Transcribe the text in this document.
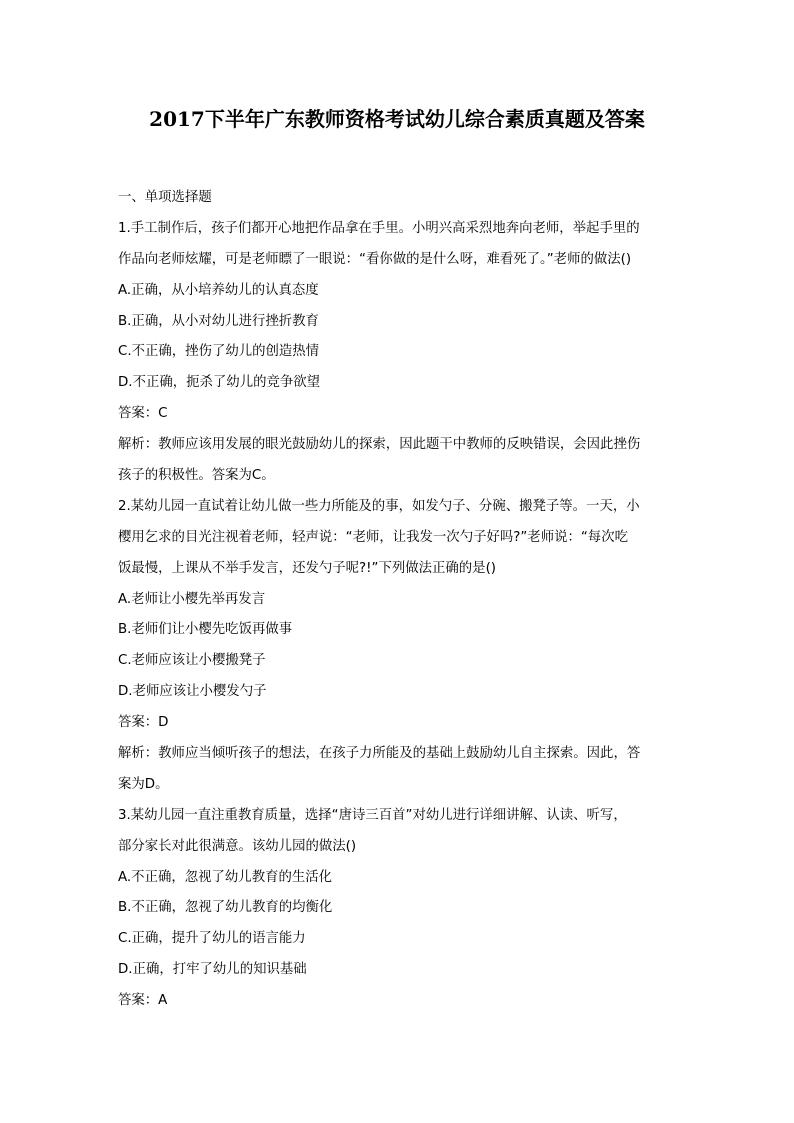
2017下半年广东教师资格考试幼儿综合素质真题及答案
一、单项选择题
1.手工制作后，孩子们都开心地把作品拿在手里。小明兴高采烈地奔向老师，举起手里的
作品向老师炫耀，可是老师瞟了一眼说：“看你做的是什么呀，难看死了。”老师的做法()
A.正确，从小培养幼儿的认真态度
B.正确，从小对幼儿进行挫折教育
C.不正确，挫伤了幼儿的创造热情
D.不正确，扼杀了幼儿的竞争欲望
答案：C
解析：教师应该用发展的眼光鼓励幼儿的探索，因此题干中教师的反映错误，会因此挫伤
孩子的积极性。答案为C。
2.某幼儿园一直试着让幼儿做一些力所能及的事，如发勺子、分碗、搬凳子等。一天，小
樱用乞求的目光注视着老师，轻声说：“老师，让我发一次勺子好吗?”老师说：“每次吃
饭最慢，上课从不举手发言，还发勺子呢?!”下列做法正确的是()
A.老师让小樱先举再发言
B.老师们让小樱先吃饭再做事
C.老师应该让小樱搬凳子
D.老师应该让小樱发勺子
答案：D
解析：教师应当倾听孩子的想法，在孩子力所能及的基础上鼓励幼儿自主探索。因此，答
案为D。
3.某幼儿园一直注重教育质量，选择“唐诗三百首”对幼儿进行详细讲解、认读、听写，
部分家长对此很满意。该幼儿园的做法()
A.不正确，忽视了幼儿教育的生活化
B.不正确，忽视了幼儿教育的均衡化
C.正确，提升了幼儿的语言能力
D.正确，打牢了幼儿的知识基础
答案：A
